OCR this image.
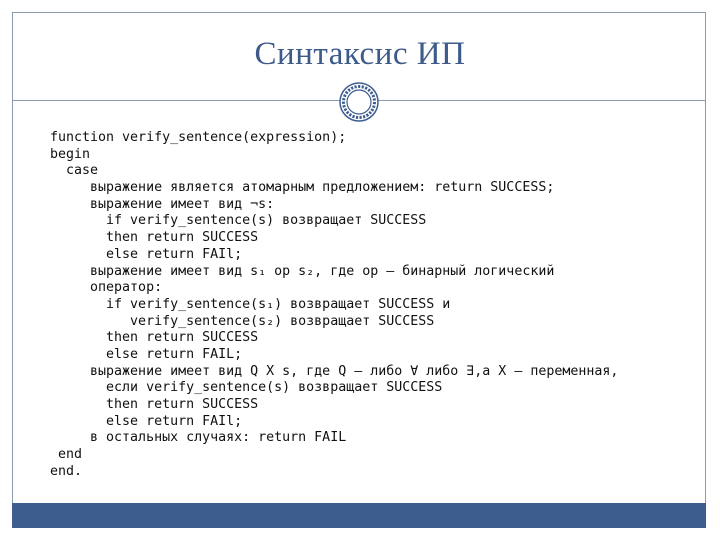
Синтаксис ИП
function verify_sentence(expression);
begin
case
выражение является атомарным предложением: return SUCCESS;
выражение имеет вид ¬s:
if verify_sentence(s) возвращает SUCCESS
then return SUCCESS
else return FAIl;
выражение имеет вид s₁ op s₂, где op — бинарный логический
оператор:
if verify_sentence(s₁) возвращает SUCCESS и
verify_sentence(s₂) возвращает SUCCESS
then return SUCCESS
else return FAIL;
выражение имеет вид Q X s, где Q — либо ∀ либо ∃,а X — переменная,
если verify_sentence(s) возвращает SUCCESS
then return SUCCESS
else return FAIl;
в остальных случаях: return FAIL
end
end.
